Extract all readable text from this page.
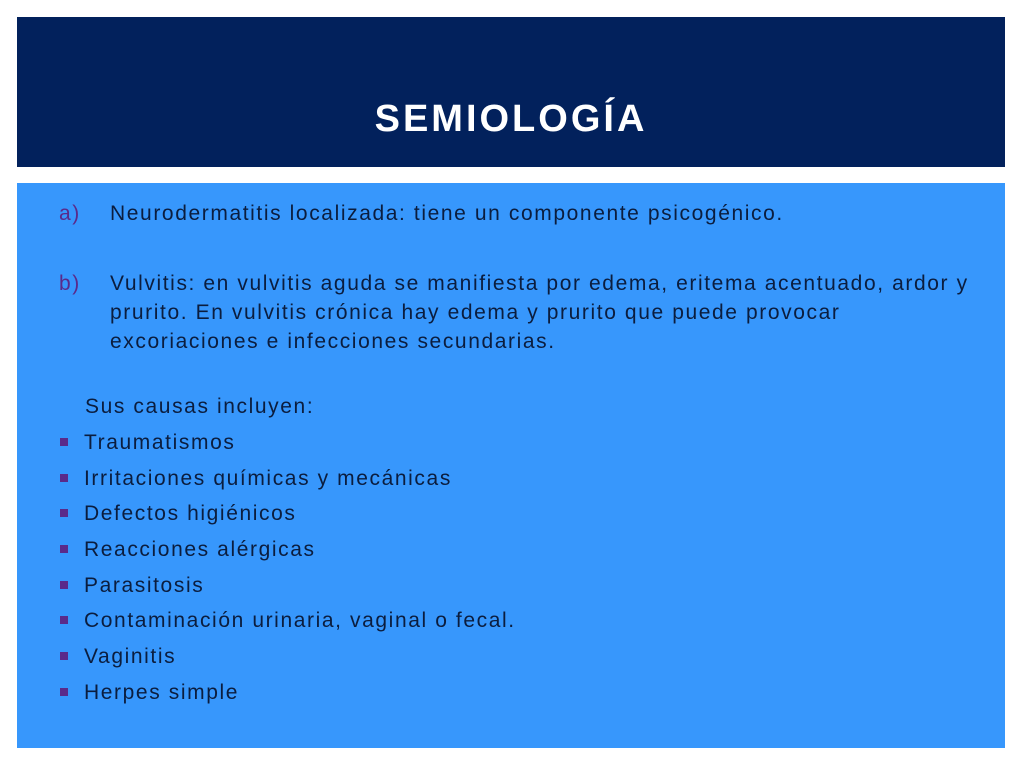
SEMIOLOGÍA
a) Neurodermatitis localizada: tiene un componente psicogénico.
b) Vulvitis: en vulvitis aguda se manifiesta por edema, eritema acentuado, ardor y prurito. En vulvitis crónica hay edema y prurito que puede provocar excoriaciones e infecciones secundarias.
Sus causas incluyen:
Traumatismos
Irritaciones químicas y mecánicas
Defectos higiénicos
Reacciones alérgicas
Parasitosis
Contaminación urinaria, vaginal o fecal.
Vaginitis
Herpes simple
